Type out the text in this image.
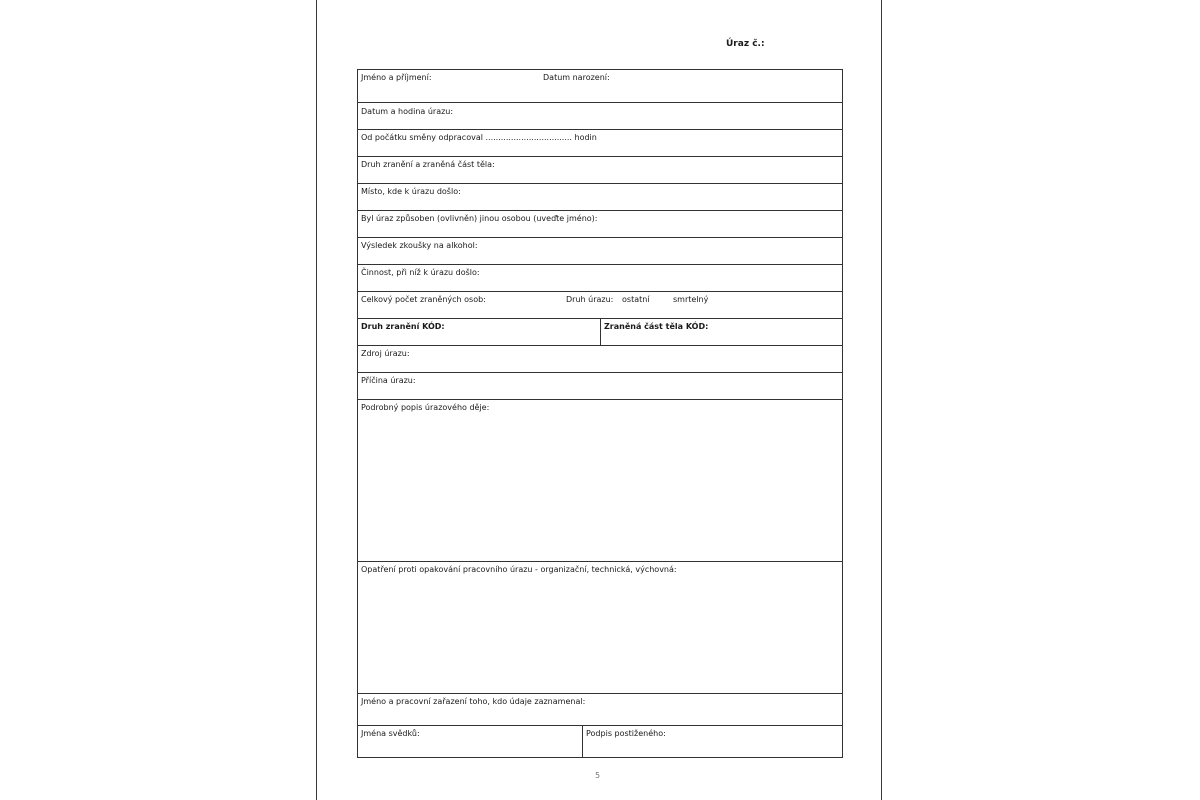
Úraz č.:
Jméno a příjmení:	Datum narození:
Datum a hodina úrazu:
Od počátku směny odpracoval .................................. hodin
Druh zranění a zraněná část těla:
Místo, kde k úrazu došlo:
Byl úraz způsoben (ovlivněn) jinou osobou (uveďte jméno):
Výsledek zkoušky na alkohol:
Činnost, při níž k úrazu došlo:
Celkový počet zraněných osob:	Druh úrazu: ostatní	smrtelný
Druh zranění KÓD:	Zraněná část těla KÓD:
Zdroj úrazu:
Příčina úrazu:
Podrobný popis úrazového děje:
Opatření proti opakování pracovního úrazu - organizační, technická, výchovná:
Jméno a pracovní zařazení toho, kdo údaje zaznamenal:
Jména svědků:	Podpis postiženého:
5
